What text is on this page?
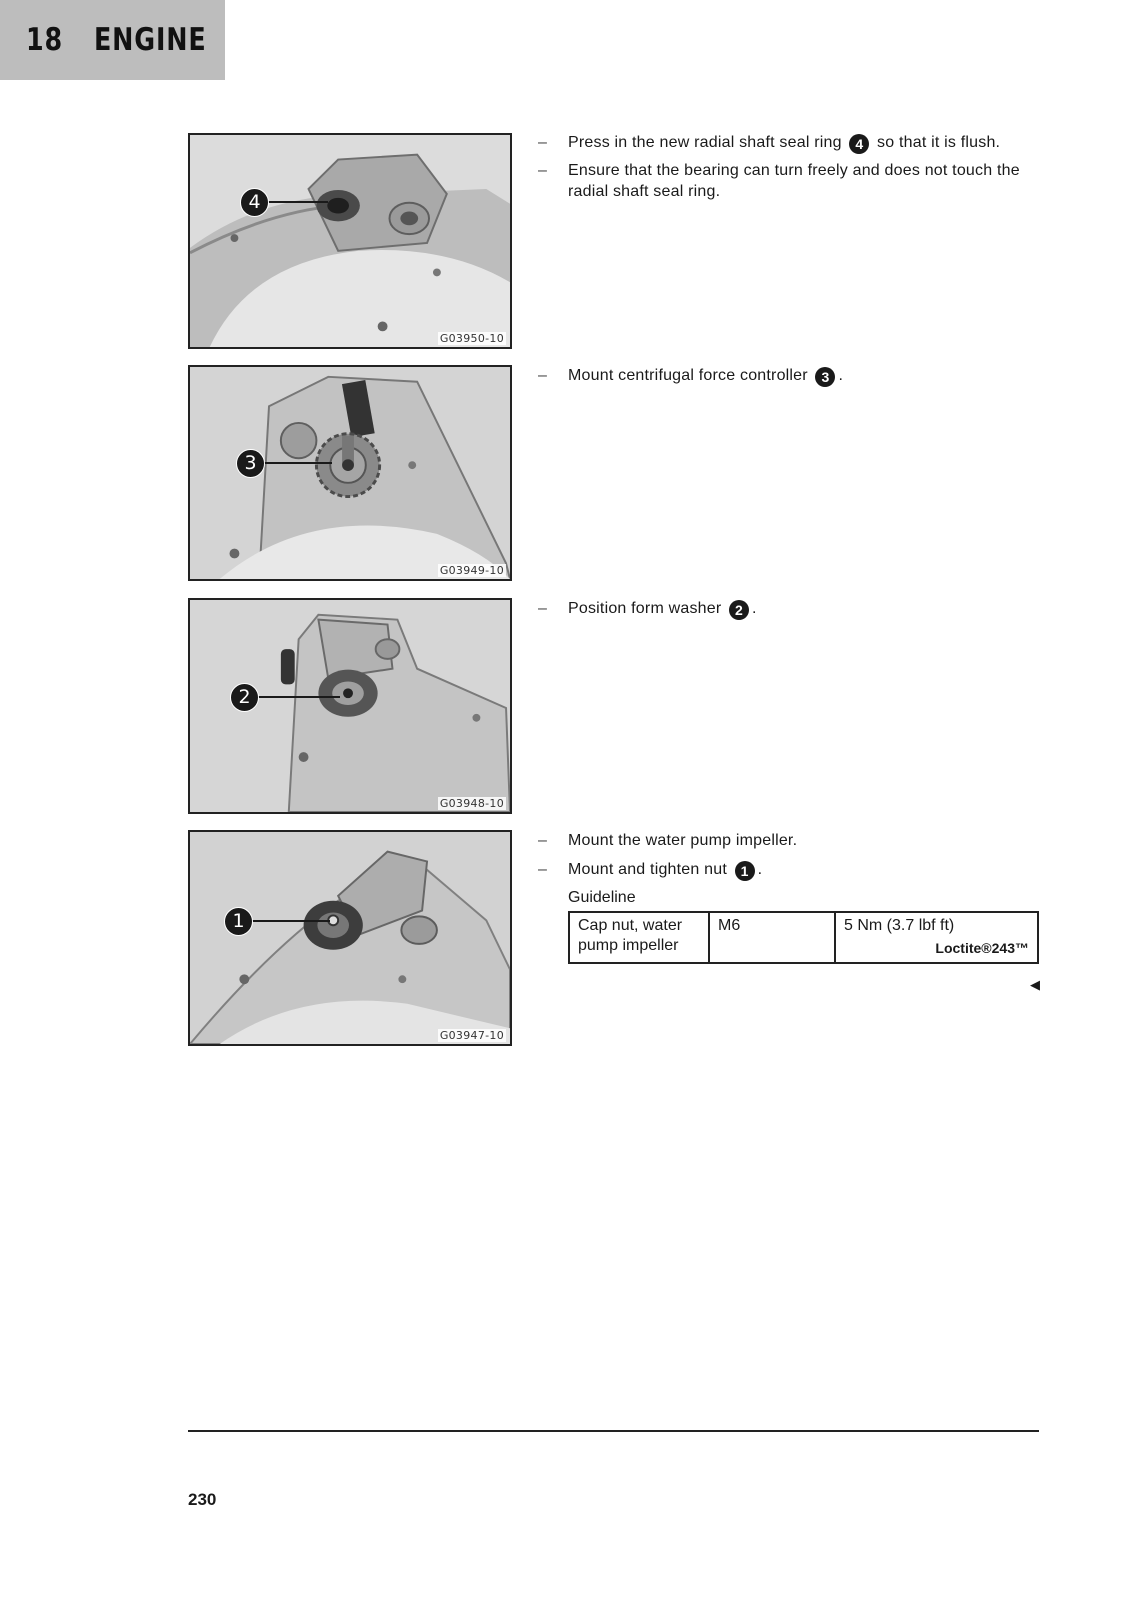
18 ENGINE
4
G03950-10
3
G03949-10
2
G03948-10
1
G03947-10
– Press in the new radial shaft seal ring 4 so that it is flush.
– Ensure that the bearing can turn freely and does not touch the radial shaft seal ring.
– Mount centrifugal force controller 3 .
– Position form washer 2 .
– Mount the water pump impeller.
– Mount and tighten nut 1 .
Guideline
Cap nut, water pump impeller	M6	5 Nm (3.7 lbf ft)
Loctite®243™
◀
230
